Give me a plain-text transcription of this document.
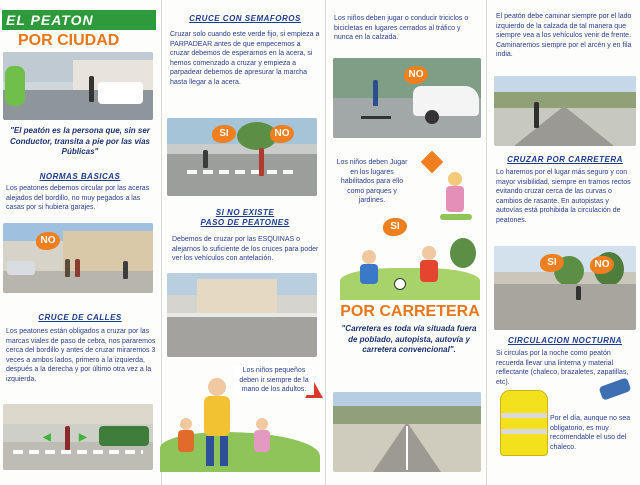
EL PEATON
POR CIUDAD
"El peatón es la persona que, sin ser Conductor, transita a pie por las vías Públicas"
NORMAS BASICAS
Los peatones debemos circular por las aceras alejados del bordillo, no muy pegados a las casas por si hubiera garajes.
NO
CRUCE DE CALLES
Los peatones están obligados a cruzar por las marcas viales de paso de cebra, nos pararemos cerca del bordillo y antes de cruzar miraremos 3 veces a ambos lados, primero a la izquierda, después a la derecha y por último otra vez a la izquierda.
◀	▶
CRUCE CON SEMAFOROS
Cruzar solo cuando este verde fijo, si empieza a PARPADEAR antes de que empecemos a cruzar debemos de esperarnos en la acera, si hemos comenzado a cruzar y empieza a parpadear debemos de apresurar la marcha hasta llegar a la acera.
SI	NO
SI NO EXISTE
PASO DE PEATONES
Debemos de cruzar por las ESQUINAS o alejarnos lo suficiente de los cruces para poder ver los vehículos con antelación.
Los niños pequeños deben ir siempre de la mano de los adultos.
Los niños deben jugar o conducir triciclos o bicicletas en lugares cerrados al tráfico y nunca en la calzada.
NO
Los niños deben Jugar en los lugares habilitados para ello como parques y jardines.
SI
POR CARRETERA
"Carretera es toda vía situada fuera de poblado, autopista, autovía y carretera convencional".
El peatón debe caminar siempre por el lado izquierdo de la calzada de tal manera que siempre vea a los vehículos venir de frente. Caminaremos siempre por el arcén y en fila india.
CRUZAR POR CARRETERA
Lo haremos por el lugar más seguro y con mayor visibilidad, siempre en tramos rectos evitando cruzar cerca de las curvas o cambios de rasante. En autopistas y autovías está prohibida la circulación de peatones.
SI	NO
CIRCULACION NOCTURNA
Si circulas por la noche como peatón recuerda llevar una linterna y material reflectante (chaleco, brazaletes, zapatillas, etc).
Por el día, aunque no sea obligatorio, es muy recomendable el uso del chaleco.
